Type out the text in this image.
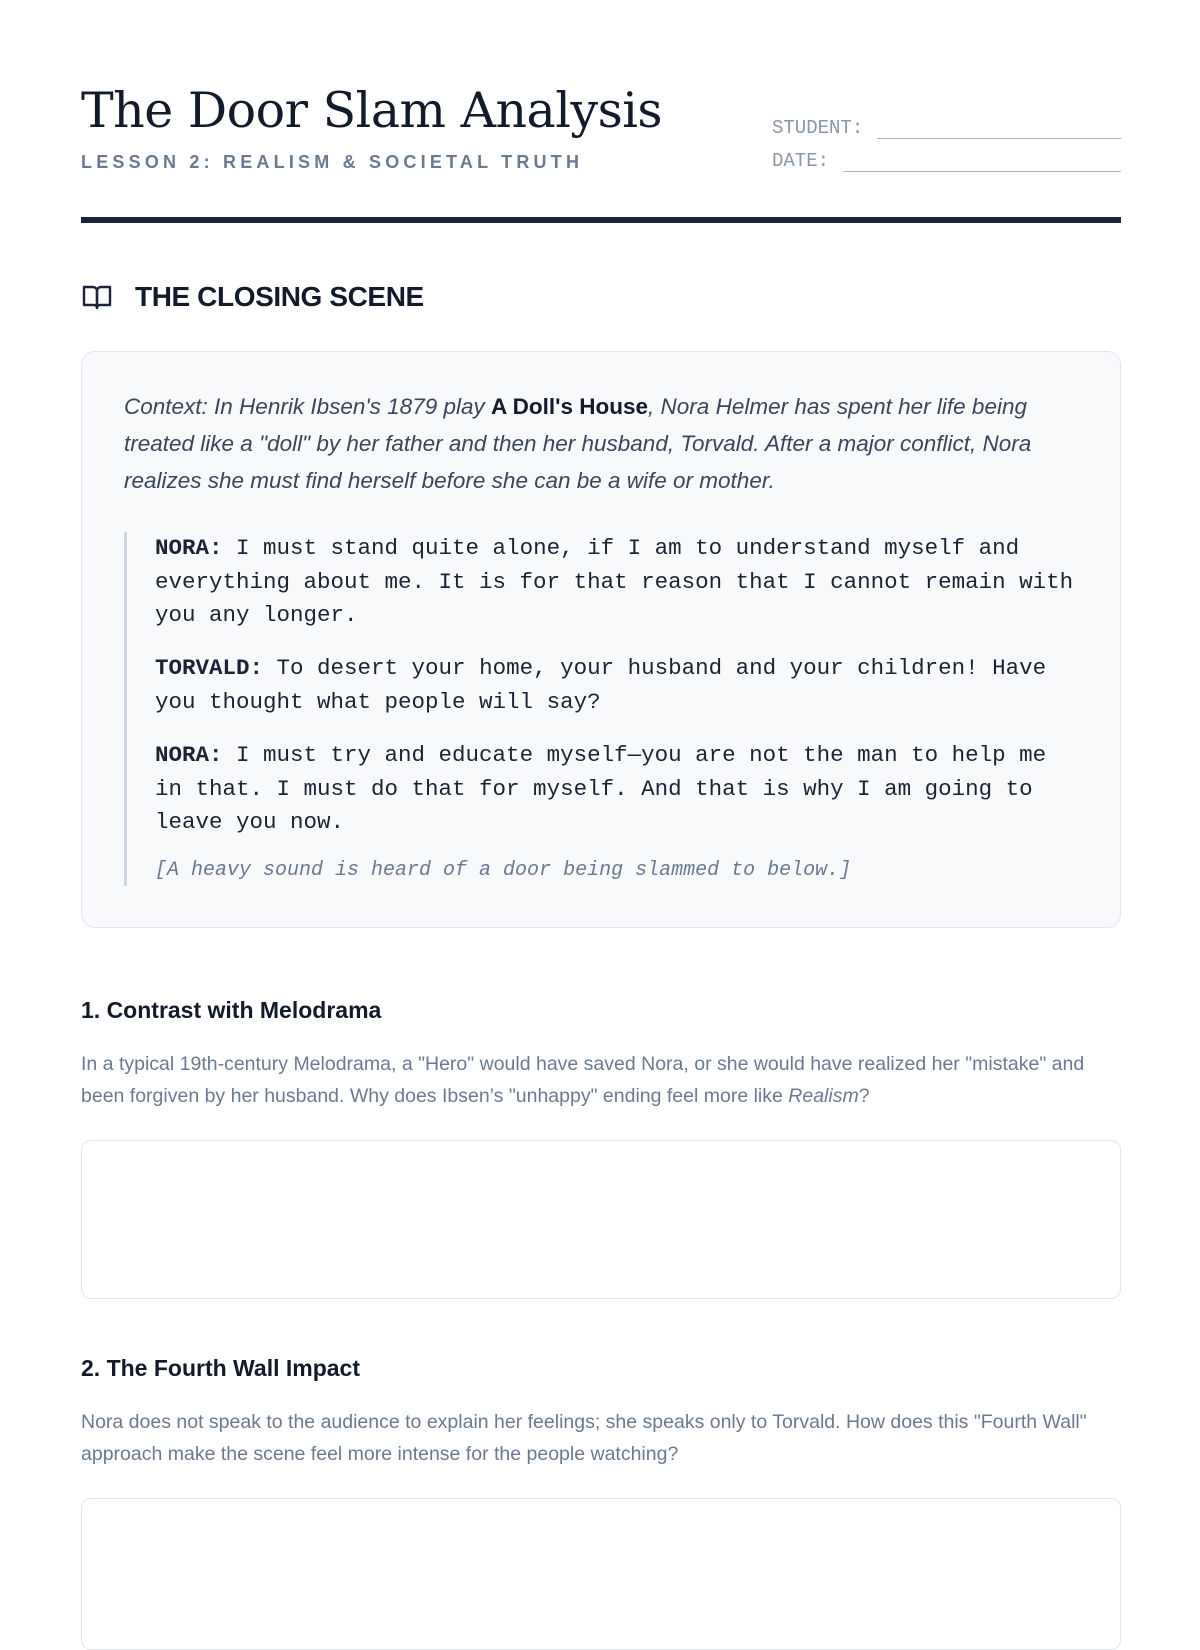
The Door Slam Analysis
LESSON 2: REALISM & SOCIETAL TRUTH
STUDENT:
DATE:
THE CLOSING SCENE

Context: In Henrik Ibsen's 1879 play A Doll's House, Nora Helmer has spent her life being treated like a "doll" by her father and then her husband, Torvald. After a major conflict, Nora realizes she must find herself before she can be a wife or mother.

NORA: I must stand quite alone, if I am to understand myself and everything about me. It is for that reason that I cannot remain with you any longer.

TORVALD: To desert your home, your husband and your children! Have you thought what people will say?

NORA: I must try and educate myself—you are not the man to help me in that. I must do that for myself. And that is why I am going to leave you now.

[A heavy sound is heard of a door being slammed to below.]
1. Contrast with Melodrama

In a typical 19th-century Melodrama, a "Hero" would have saved Nora, or she would have realized her "mistake" and been forgiven by her husband. Why does Ibsen’s "unhappy" ending feel more like Realism?

2. The Fourth Wall Impact

Nora does not speak to the audience to explain her feelings; she speaks only to Torvald. How does this "Fourth Wall" approach make the scene feel more intense for the people watching?
